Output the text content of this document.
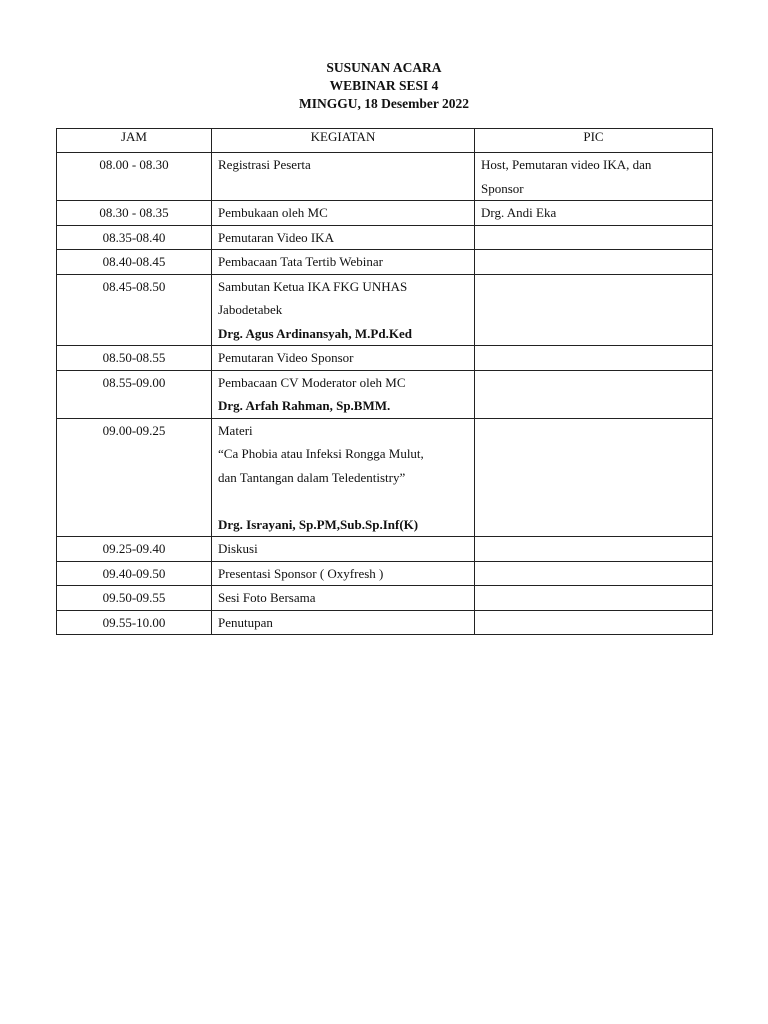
SUSUNAN ACARA
WEBINAR SESI 4
MINGGU, 18 Desember 2022
JAM	KEGIATAN	PIC
08.00 - 08.30	Registrasi Peserta	Host, Pemutaran video IKA, dan
Sponsor

08.30 - 08.35	Pembukaan oleh MC	Drg. Andi Eka

08.35-08.40	Pemutaran Video IKA	

08.40-08.45	Pembacaan Tata Tertib Webinar	

08.45-08.50	Sambutan Ketua IKA FKG UNHAS
Jabodetabek
Drg. Agus Ardinansyah, M.Pd.Ked	

08.50-08.55	Pemutaran Video Sponsor	

08.55-09.00	Pembacaan CV Moderator oleh MC
Drg. Arfah Rahman, Sp.BMM.	

09.00-09.25	Materi
“Ca Phobia atau Infeksi Rongga Mulut,
dan Tantangan dalam Teledentistry”
Drg. Israyani, Sp.PM,Sub.Sp.Inf(K)	

09.25-09.40	Diskusi	

09.40-09.50	Presentasi Sponsor ( Oxyfresh )	

09.50-09.55	Sesi Foto Bersama	

09.55-10.00	Penutupan	
